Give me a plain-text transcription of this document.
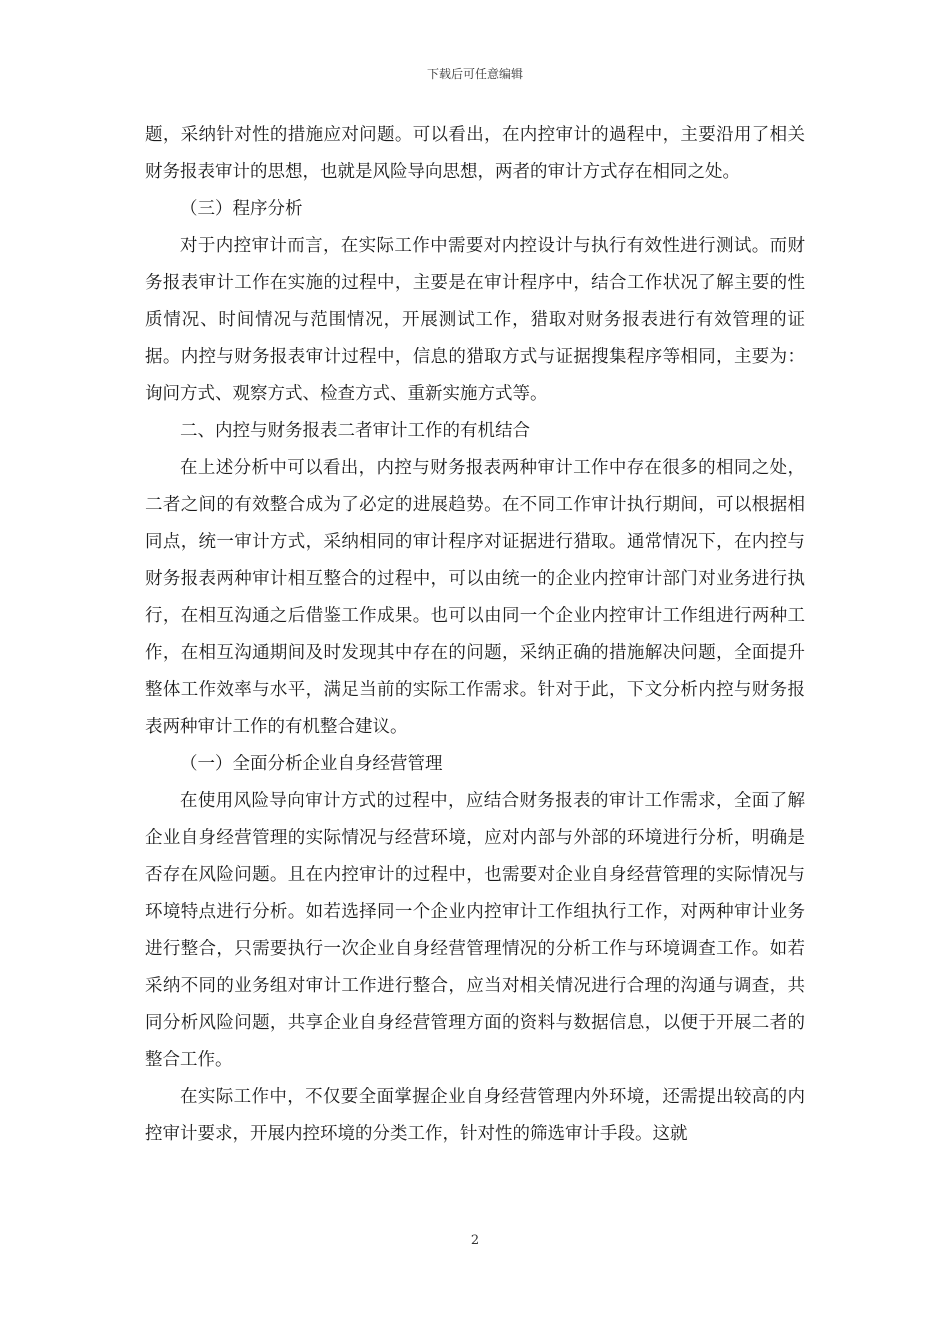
下载后可任意编辑

题，采纳针对性的措施应对问题。可以看出，在内控审计的過程中，主要沿用了相关财务报表审计的思想，也就是风险导向思想，两者的审计方式存在相同之处。

（三）程序分析

对于内控审计而言，在实际工作中需要对内控设计与执行有效性进行测试。而财务报表审计工作在实施的过程中，主要是在审计程序中，结合工作状况了解主要的性质情况、时间情况与范围情况，开展测试工作，猎取对财务报表进行有效管理的证据。内控与财务报表审计过程中，信息的猎取方式与证据搜集程序等相同，主要为：询问方式、观察方式、检查方式、重新实施方式等。

二、内控与财务报表二者审计工作的有机结合

在上述分析中可以看出，内控与财务报表两种审计工作中存在很多的相同之处，二者之间的有效整合成为了必定的进展趋势。在不同工作审计执行期间，可以根据相同点，统一审计方式，采纳相同的审计程序对证据进行猎取。通常情况下，在内控与财务报表两种审计相互整合的过程中，可以由统一的企业内控审计部门对业务进行执行，在相互沟通之后借鉴工作成果。也可以由同一个企业内控审计工作组进行两种工作，在相互沟通期间及时发现其中存在的问题，采纳正确的措施解决问题，全面提升整体工作效率与水平，满足当前的实际工作需求。针对于此，下文分析内控与财务报表两种审计工作的有机整合建议。

（一）全面分析企业自身经营管理

在使用风险导向审计方式的过程中，应结合财务报表的审计工作需求，全面了解企业自身经营管理的实际情况与经营环境，应对内部与外部的环境进行分析，明确是否存在风险问题。且在内控审计的过程中，也需要对企业自身经营管理的实际情况与环境特点进行分析。如若选择同一个企业内控审计工作组执行工作，对两种审计业务进行整合，只需要执行一次企业自身经营管理情况的分析工作与环境调查工作。如若采纳不同的业务组对审计工作进行整合，应当对相关情况进行合理的沟通与调查，共同分析风险问题，共享企业自身经营管理方面的资料与数据信息，以便于开展二者的整合工作。

在实际工作中，不仅要全面掌握企业自身经营管理内外环境，还需提出较高的内控审计要求，开展内控环境的分类工作，针对性的筛选审计手段。这就

2
